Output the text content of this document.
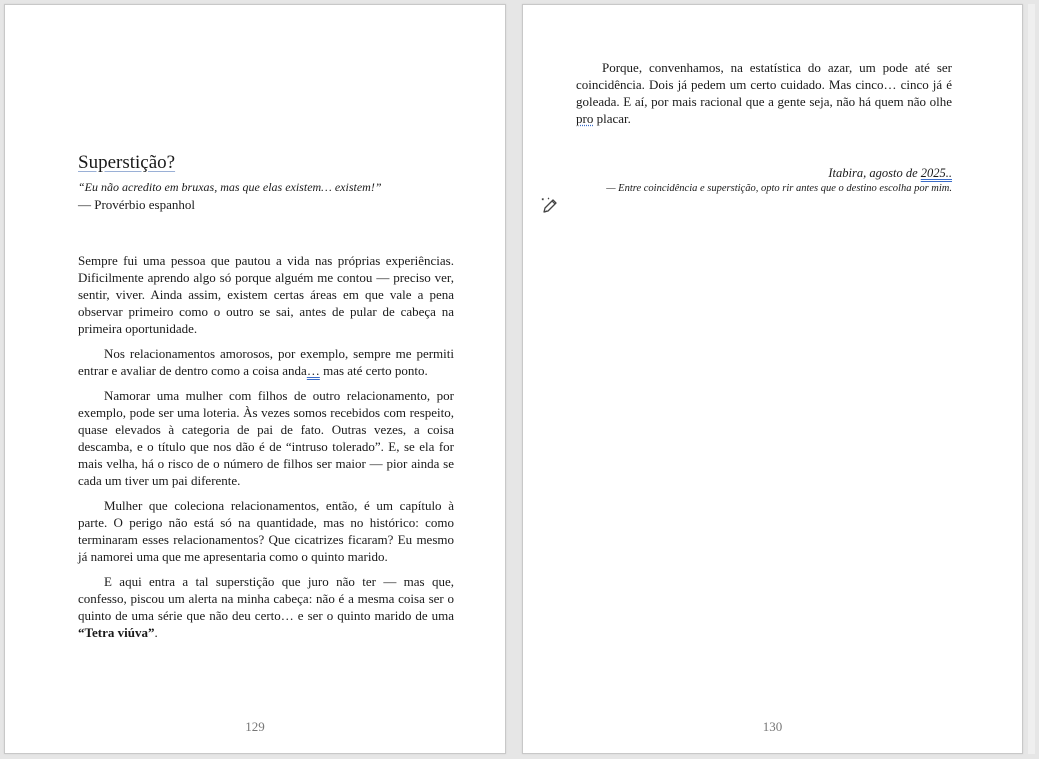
Superstição?

“Eu não acredito em bruxas, mas que elas existem… existem!”

— Provérbio espanhol

Sempre fui uma pessoa que pautou a vida nas próprias experiências. Dificilmente aprendo algo só porque alguém me contou — preciso ver, sentir, viver. Ainda assim, existem certas áreas em que vale a pena observar primeiro como o outro se sai, antes de pular de cabeça na primeira oportunidade.

Nos relacionamentos amorosos, por exemplo, sempre me permiti entrar e avaliar de dentro como a coisa anda… mas até certo ponto.

Namorar uma mulher com filhos de outro relacionamento, por exemplo, pode ser uma loteria. Às vezes somos recebidos com respeito, quase elevados à categoria de pai de fato. Outras vezes, a coisa descamba, e o título que nos dão é de “intruso tolerado”. E, se ela for mais velha, há o risco de o número de filhos ser maior — pior ainda se cada um tiver um pai diferente.

Mulher que coleciona relacionamentos, então, é um capítulo à parte. O perigo não está só na quantidade, mas no histórico: como terminaram esses relacionamentos? Que cicatrizes ficaram? Eu mesmo já namorei uma que me apresentaria como o quinto marido.

E aqui entra a tal superstição que juro não ter — mas que, confesso, piscou um alerta na minha cabeça: não é a mesma coisa ser o quinto de uma série que não deu certo… e ser o quinto marido de uma “Tetra viúva”.

129

Porque, convenhamos, na estatística do azar, um pode até ser coincidência. Dois já pedem um certo cuidado. Mas cinco… cinco já é goleada. E aí, por mais racional que a gente seja, não há quem não olhe pro placar.

Itabira, agosto de 2025..
— Entre coincidência e superstição, opto rir antes que o destino escolha por mim.
130
